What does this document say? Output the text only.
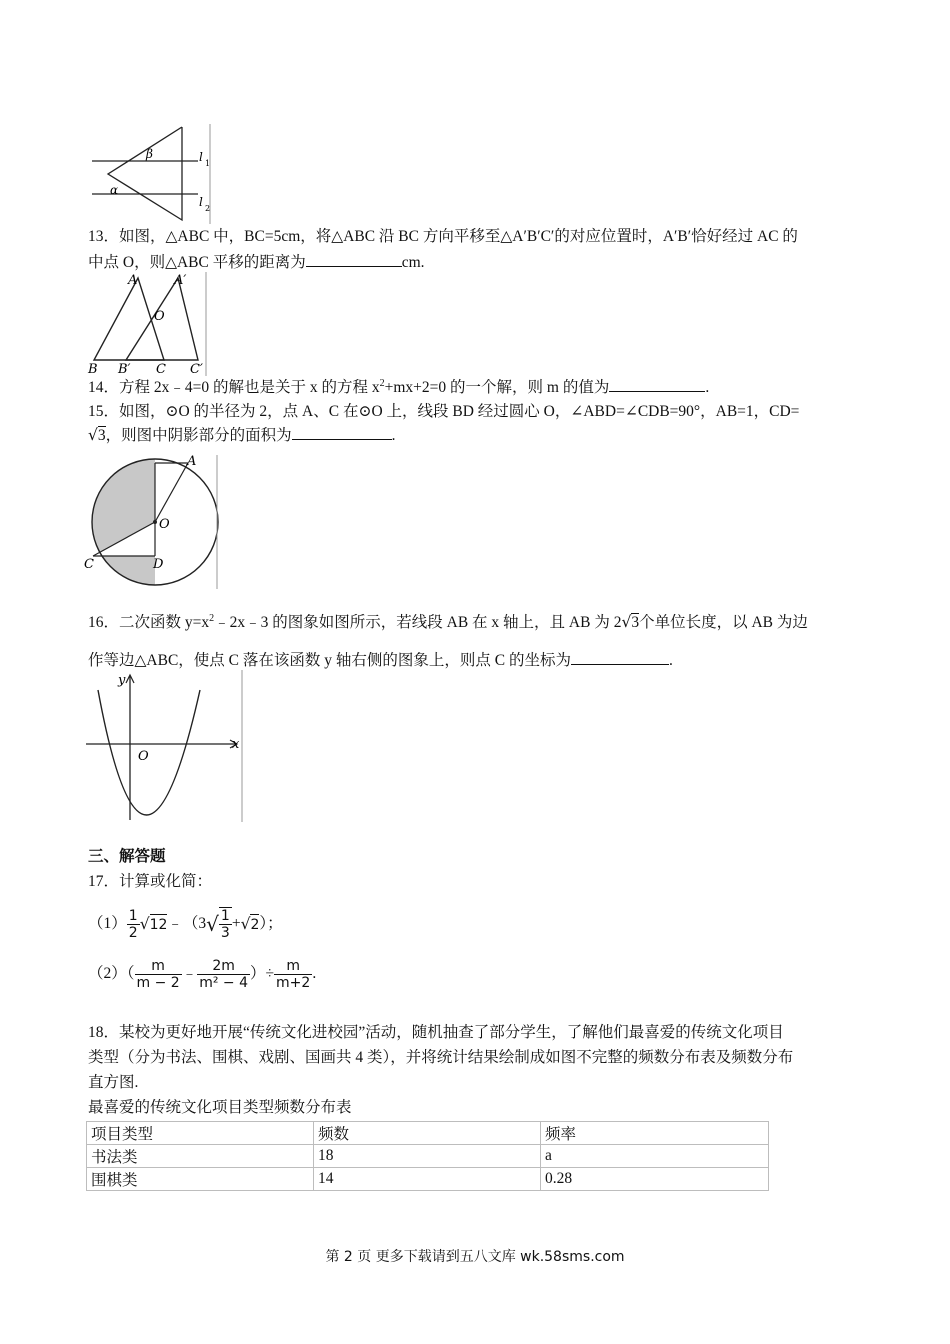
β
α
l 1
l 2
13．如图，△ABC 中，BC=5cm，将△ABC 沿 BC 方向平移至△A′B′C′的对应位置时，A′B′恰好经过 AC 的
中点 O，则△ABC 平移的距离为	cm.
A	A′
O
B B′ C C′
14．方程 2x﹣4=0 的解也是关于 x 的方程 $x^2+mx+2=0$ 的一个解，则 m 的值为	.
15．如图，⊙O 的半径为 2，点 A、C 在⊙O 上，线段 BD 经过圆心 O，∠ABD=∠CDB=90°，AB=1，CD=
√3，则图中阴影部分的面积为	.
A
O
C	D
16．二次函数 $y=x^2﹣2x﹣3$ 的图象如图所示，若线段 AB 在 x 轴上，且 AB 为 2√3个单位长度，以 AB 为边
作等边△ABC，使点 C 落在该函数 y 轴右侧的图象上，则点 C 的坐标为	.
y
x
O
三、解答题
17．计算或化简：
$(1) \frac{1}{2}$ √ 12 ﹣（3 √ $\frac{1}{3}$ + √ 2 ）；
$(2)( \frac{m}{m - 2}$ ﹣ $\frac{2m}{\text{m² − 4}}$ ）÷ $\frac{m}{m+2}$ .
18．某校为更好地开展“传统文化进校园”活动，随机抽查了部分学生，了解他们最喜爱的传统文化项目
类型（分为书法、围棋、戏剧、国画共 4 类），并将统计结果绘制成如图不完整的频数分布表及频数分布
直方图.
最喜爱的传统文化项目类型频数分布表
项目类型	频数	频率
书法类	18	a
围棋类	14	0.28
第 2 页 更多下载请到五八文库 wk.58sms.com
